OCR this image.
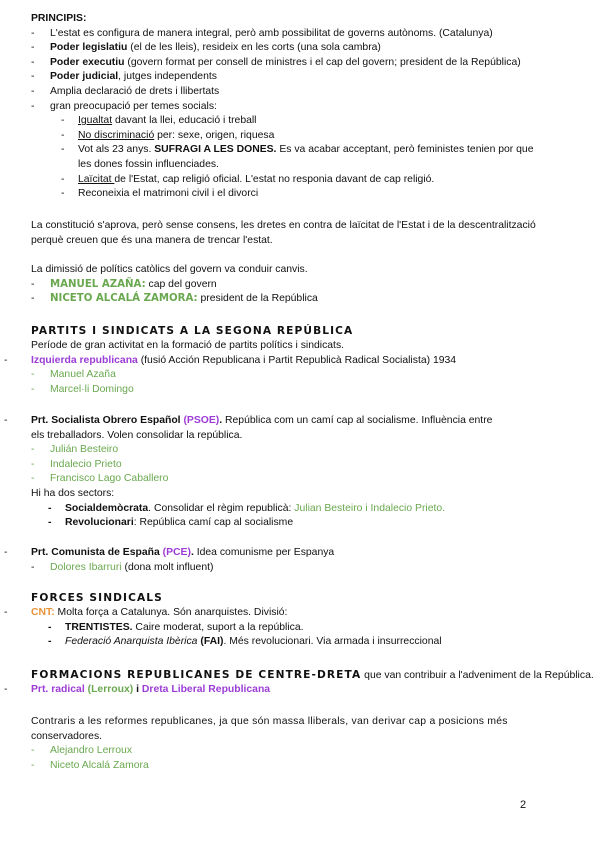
PRINCIPIS:
- L'estat es configura de manera integral, però amb possibilitat de governs autònoms. (Catalunya)
- Poder legislatiu (el de les lleis), resideix en les corts (una sola cambra)
- Poder executiu (govern format per consell de ministres i el cap del govern; president de la República)
- Poder judicial, jutges independents
- Amplia declaració de drets i llibertats
- gran preocupació per temes socials:
- Igualtat davant la llei, educació i treball
- No discriminació per: sexe, origen, riquesa
- Vot als 23 anys. SUFRAGI A LES DONES. Es va acabar acceptant, però feministes tenien por que
les dones fossin influenciades.
- Laïcitat de l'Estat, cap religió oficial. L'estat no responia davant de cap religió.
- Reconeixia el matrimoni civil i el divorci
La constitució s'aprova, però sense consens, les dretes en contra de laïcitat de l'Estat i de la descentralització
perquè creuen que és una manera de trencar l'estat.
La dimissió de polítics catòlics del govern va conduir canvis.
- MANUEL AZAÑA: cap del govern
- NICETO ALCALÁ ZAMORA: president de la República
PARTITS I SINDICATS A LA SEGONA REPÚBLICA
Període de gran activitat en la formació de partits polítics i sindicats.
- Izquierda republicana (fusió Acción Republicana i Partit Republicà Radical Socialista) 1934
- Manuel Azaña
- Marcel·li Domingo
- Prt. Socialista Obrero Español (PSOE). República com un camí cap al socialisme. Influència entre
els treballadors. Volen consolidar la república.
- Julián Besteiro
- Indalecio Prieto
- Francisco Lago Caballero
Hi ha dos sectors:
- Socialdemòcrata. Consolidar el règim republicà: Julian Besteiro i Indalecio Prieto.
- Revolucionari: República camí cap al socialisme
- Prt. Comunista de España (PCE). Idea comunisme per Espanya
- Dolores Ibarruri (dona molt influent)
FORCES SINDICALS
- CNT: Molta força a Catalunya. Són anarquistes. Divisió:
- TRENTISTES. Caire moderat, suport a la república.
- Federació Anarquista Ibèrica (FAI). Més revolucionari. Via armada i insurreccional
FORMACIONS REPUBLICANES DE CENTRE-DRETA que van contribuir a l'adveniment de la República.
- Prt. radical (Lerroux) i Dreta Liberal Republicana
Contraris a les reformes republicanes, ja que són massa lliberals, van derivar cap a posicions més
conservadores.
- Alejandro Lerroux
- Niceto Alcalá Zamora
2
